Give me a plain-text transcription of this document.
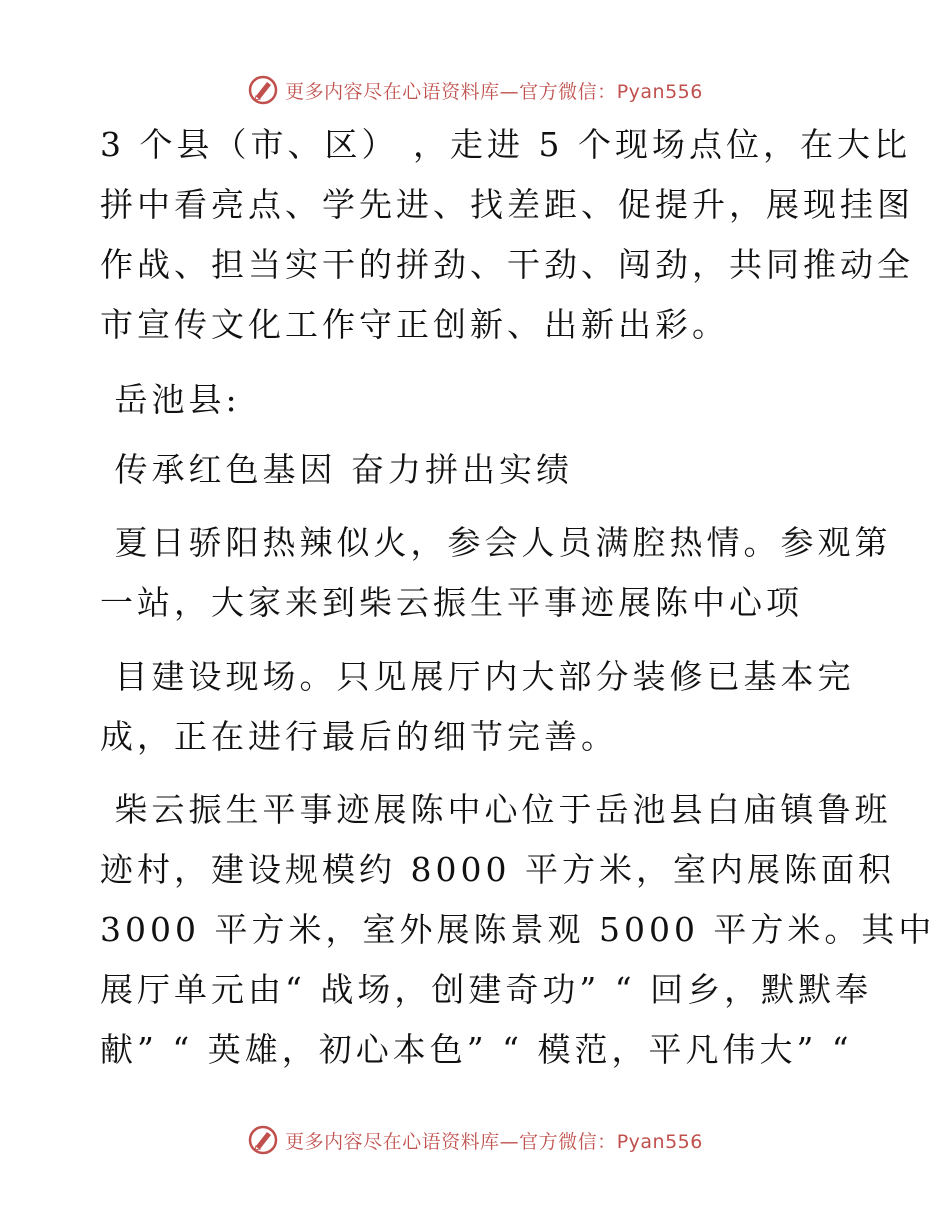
更多内容尽在心语资料库—官方微信：Pyan556
3 个县（市、区） ，走进 5 个现场点位，在大比
拼中看亮点、学先进、找差距、促提升，展现挂图
作战、担当实干的拼劲、干劲、闯劲，共同推动全
市宣传文化工作守正创新、出新出彩。
岳池县:
传承红色基因 奋力拼出实绩
夏日骄阳热辣似火，参会人员满腔热情。参观第
一站，大家来到柴云振生平事迹展陈中心项
目建设现场。只见展厅内大部分装修已基本完
成，正在进行最后的细节完善。
柴云振生平事迹展陈中心位于岳池县白庙镇鲁班
迹村，建设规模约 8000 平方米，室内展陈面积
3000 平方米，室外展陈景观 5000 平方米。其中
展厅单元由“ 战场，创建奇功” “ 回乡，默默奉
献” “ 英雄，初心本色” “ 模范，平凡伟大” “
更多内容尽在心语资料库—官方微信：Pyan556
